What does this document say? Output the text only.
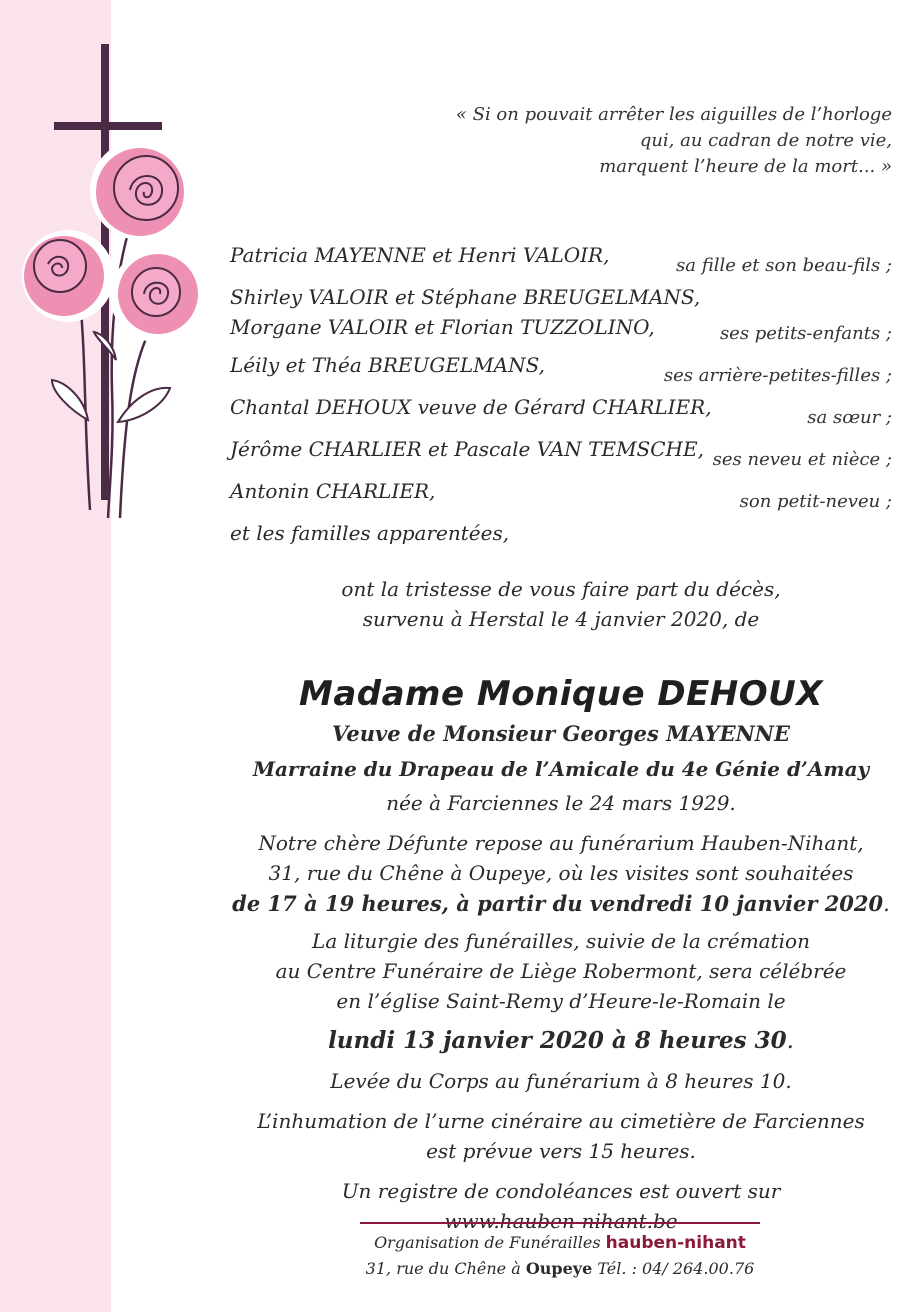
« Si on pouvait arrêter les aiguilles de l’horloge
qui, au cadran de notre vie,
marquent l’heure de la mort... »
Patricia MAYENNE et Henri VALOIR,	sa fille et son beau-fils ;
Shirley VALOIR et Stéphane BREUGELMANS,
Morgane VALOIR et Florian TUZZOLINO,	ses petits-enfants ;
Léily et Théa BREUGELMANS,	ses arrière-petites-filles ;
Chantal DEHOUX veuve de Gérard CHARLIER,	sa sœur ;
Jérôme CHARLIER et Pascale VAN TEMSCHE, ses neveu et nièce ;
Antonin CHARLIER,	son petit-neveu ;
et les familles apparentées,
ont la tristesse de vous faire part du décès,
survenu à Herstal le 4 janvier 2020, de
Madame Monique DEHOUX
Veuve de Monsieur Georges MAYENNE
Marraine du Drapeau de l’Amicale du 4e Génie d’Amay
née à Farciennes le 24 mars 1929.
Notre chère Défunte repose au funérarium Hauben-Nihant,
31, rue du Chêne à Oupeye, où les visites sont souhaitées
de 17 à 19 heures, à partir du vendredi 10 janvier 2020.
La liturgie des funérailles, suivie de la crémation
au Centre Funéraire de Liège Robermont, sera célébrée
en l’église Saint-Remy d’Heure-le-Romain le
lundi 13 janvier 2020 à 8 heures 30.
Levée du Corps au funérarium à 8 heures 10.
L’inhumation de l’urne cinéraire au cimetière de Farciennes
est prévue vers 15 heures.
Un registre de condoléances est ouvert sur
www.hauben-nihant.be
Organisation de Funérailles hauben-nihant
31, rue du Chêne à Oupeye Tél. : 04/ 264.00.76
